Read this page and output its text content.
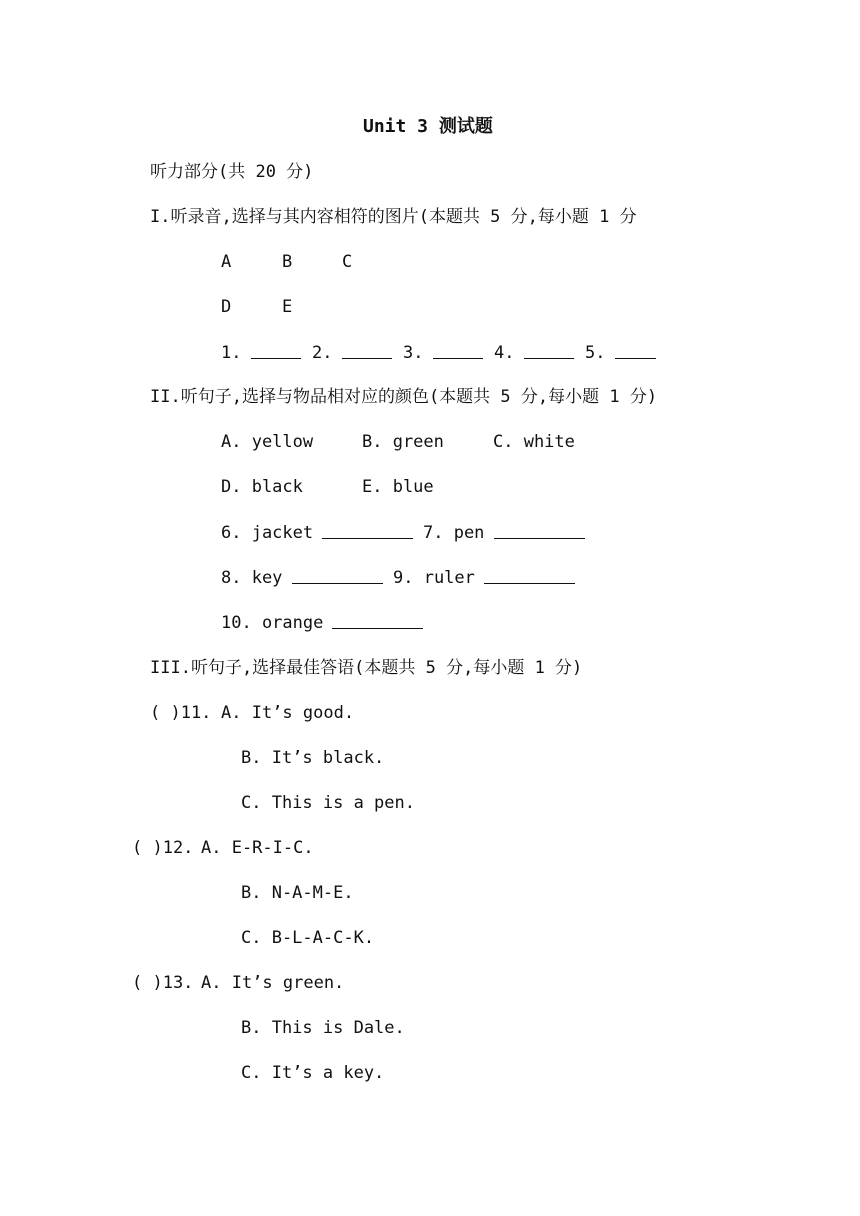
Unit 3 测试题
听力部分(共 20 分)
I.听录音,选择与其内容相符的图片(本题共 5 分,每小题 1 分
A	B	C
D	E
1.	2.	3.	4.	5.
II.听句子,选择与物品相对应的颜色(本题共 5 分,每小题 1 分)
A. yellow	B. green	C. white
D. black	E. blue
6. jacket	7. pen
8. key	9. ruler
10. orange
III.听句子,选择最佳答语(本题共 5 分,每小题 1 分)
( )11. A. It’s good.
B. It’s black.
C. This is a pen.
( )12. A. E-R-I-C.
B. N-A-M-E.
C. B-L-A-C-K.
( )13. A. It’s green.
B. This is Dale.
C. It’s a key.
